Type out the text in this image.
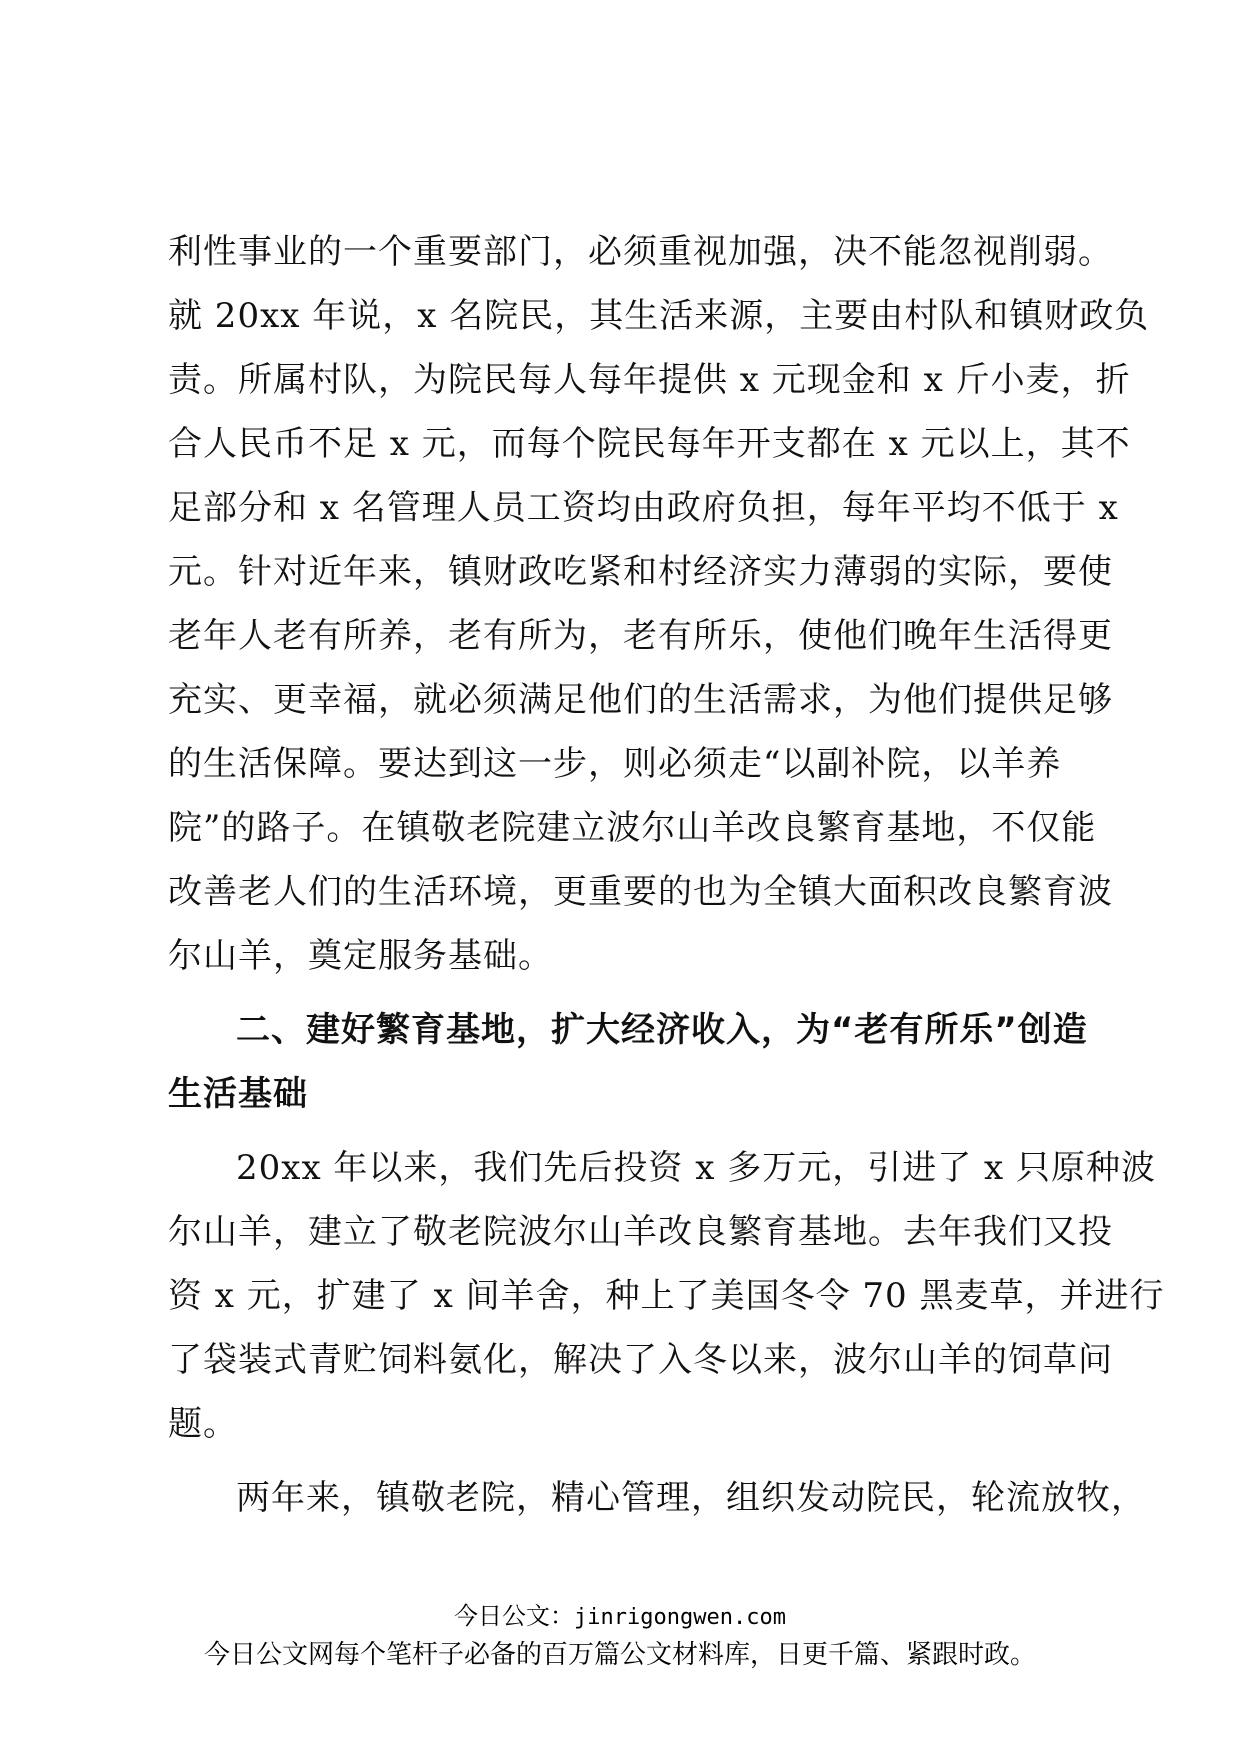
利性事业的一个重要部门，必须重视加强，决不能忽视削弱。
就 20xx 年说，x 名院民，其生活来源，主要由村队和镇财政负
责。所属村队，为院民每人每年提供 x 元现金和 x 斤小麦，折
合人民币不足 x 元，而每个院民每年开支都在 x 元以上，其不
足部分和 x 名管理人员工资均由政府负担，每年平均不低于 x
元。针对近年来，镇财政吃紧和村经济实力薄弱的实际，要使
老年人老有所养，老有所为，老有所乐，使他们晚年生活得更
充实、更幸福，就必须满足他们的生活需求，为他们提供足够
的生活保障。要达到这一步，则必须走“以副补院，以羊养
院”的路子。在镇敬老院建立波尔山羊改良繁育基地，不仅能
改善老人们的生活环境，更重要的也为全镇大面积改良繁育波
尔山羊，奠定服务基础。
二、建好繁育基地，扩大经济收入，为“老有所乐”创造
生活基础
20xx 年以来，我们先后投资 x 多万元，引进了 x 只原种波
尔山羊，建立了敬老院波尔山羊改良繁育基地。去年我们又投
资 x 元，扩建了 x 间羊舍，种上了美国冬令 70 黑麦草，并进行
了袋装式青贮饲料氨化，解决了入冬以来，波尔山羊的饲草问
题。
两年来，镇敬老院，精心管理，组织发动院民，轮流放牧，
今日公文：jinrigongwen.com
今日公文网每个笔杆子必备的百万篇公文材料库，日更千篇、紧跟时政。
